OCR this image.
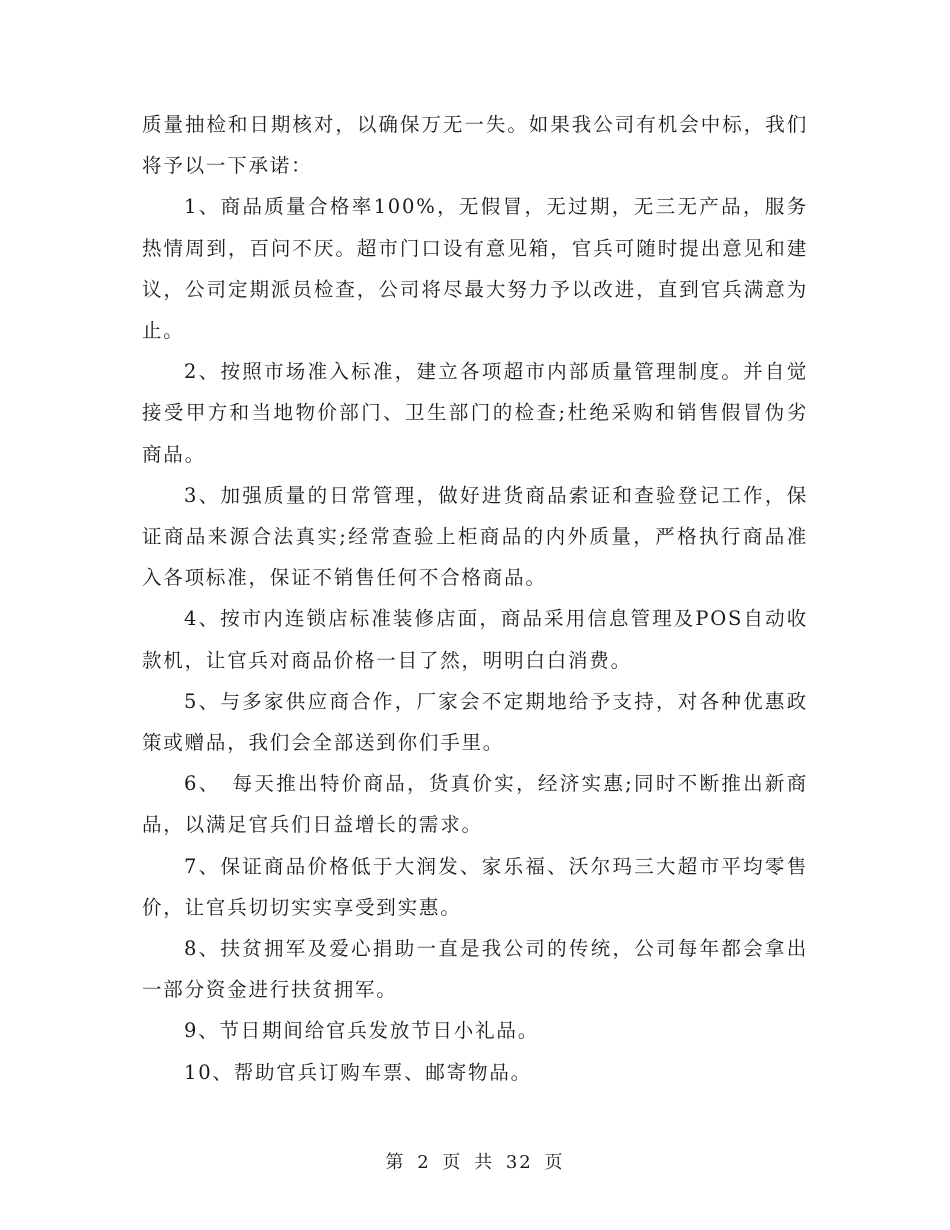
质量抽检和日期核对，以确保万无一失。如果我公司有机会中标，我们将予以一下承诺：

1、商品质量合格率100%，无假冒，无过期，无三无产品，服务热情周到，百问不厌。超市门口设有意见箱，官兵可随时提出意见和建议，公司定期派员检查，公司将尽最大努力予以改进，直到官兵满意为止。

2、按照市场准入标准，建立各项超市内部质量管理制度。并自觉接受甲方和当地物价部门、卫生部门的检查;杜绝采购和销售假冒伪劣商品。

3、加强质量的日常管理，做好进货商品索证和查验登记工作，保证商品来源合法真实;经常查验上柜商品的内外质量，严格执行商品准入各项标准，保证不销售任何不合格商品。

4、按市内连锁店标准装修店面，商品采用信息管理及POS自动收款机，让官兵对商品价格一目了然，明明白白消费。

5、与多家供应商合作，厂家会不定期地给予支持，对各种优惠政策或赠品，我们会全部送到你们手里。

6、　每天推出特价商品，货真价实，经济实惠;同时不断推出新商品，以满足官兵们日益增长的需求。

7、保证商品价格低于大润发、家乐福、沃尔玛三大超市平均零售价，让官兵切切实实享受到实惠。

8、扶贫拥军及爱心捐助一直是我公司的传统，公司每年都会拿出一部分资金进行扶贫拥军。

9、节日期间给官兵发放节日小礼品。

10、帮助官兵订购车票、邮寄物品。

第 2 页 共 32 页
